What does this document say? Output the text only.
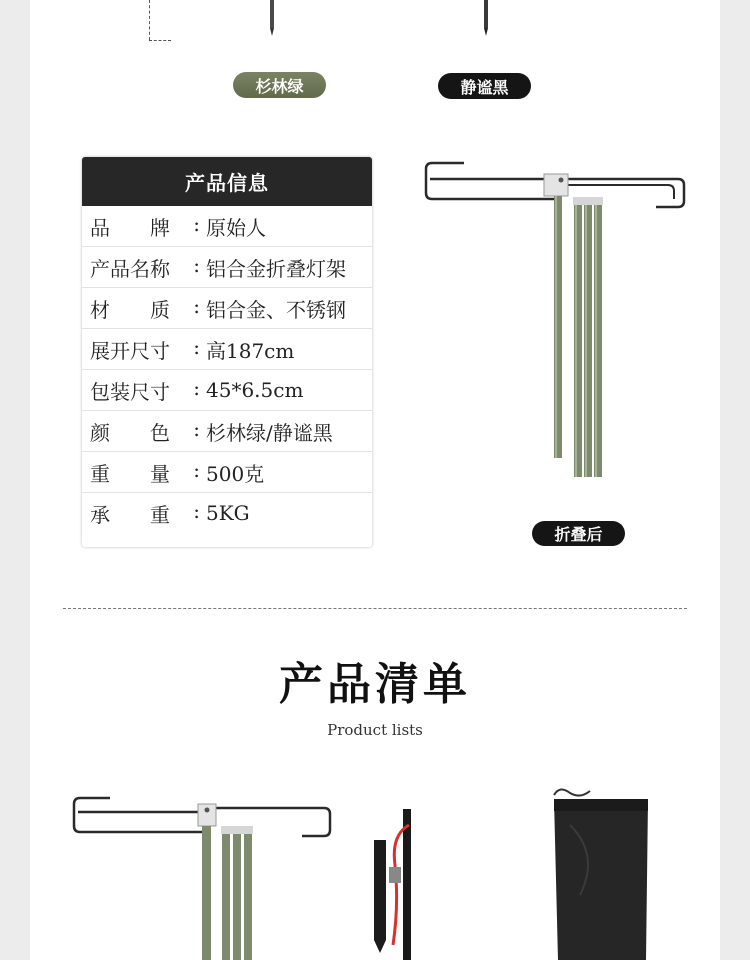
杉林绿	静谧黑
产品信息
品　　牌 : 原始人
产品名称 : 铝合金折叠灯架
材　　质 : 铝合金、不锈钢
展开尺寸 : 高187cm
包装尺寸 : 45*6.5cm
颜　　色 : 杉林绿/静谧黑
重　　量 : 500克
承　　重 : 5KG
折叠后
产品清单
Product lists
